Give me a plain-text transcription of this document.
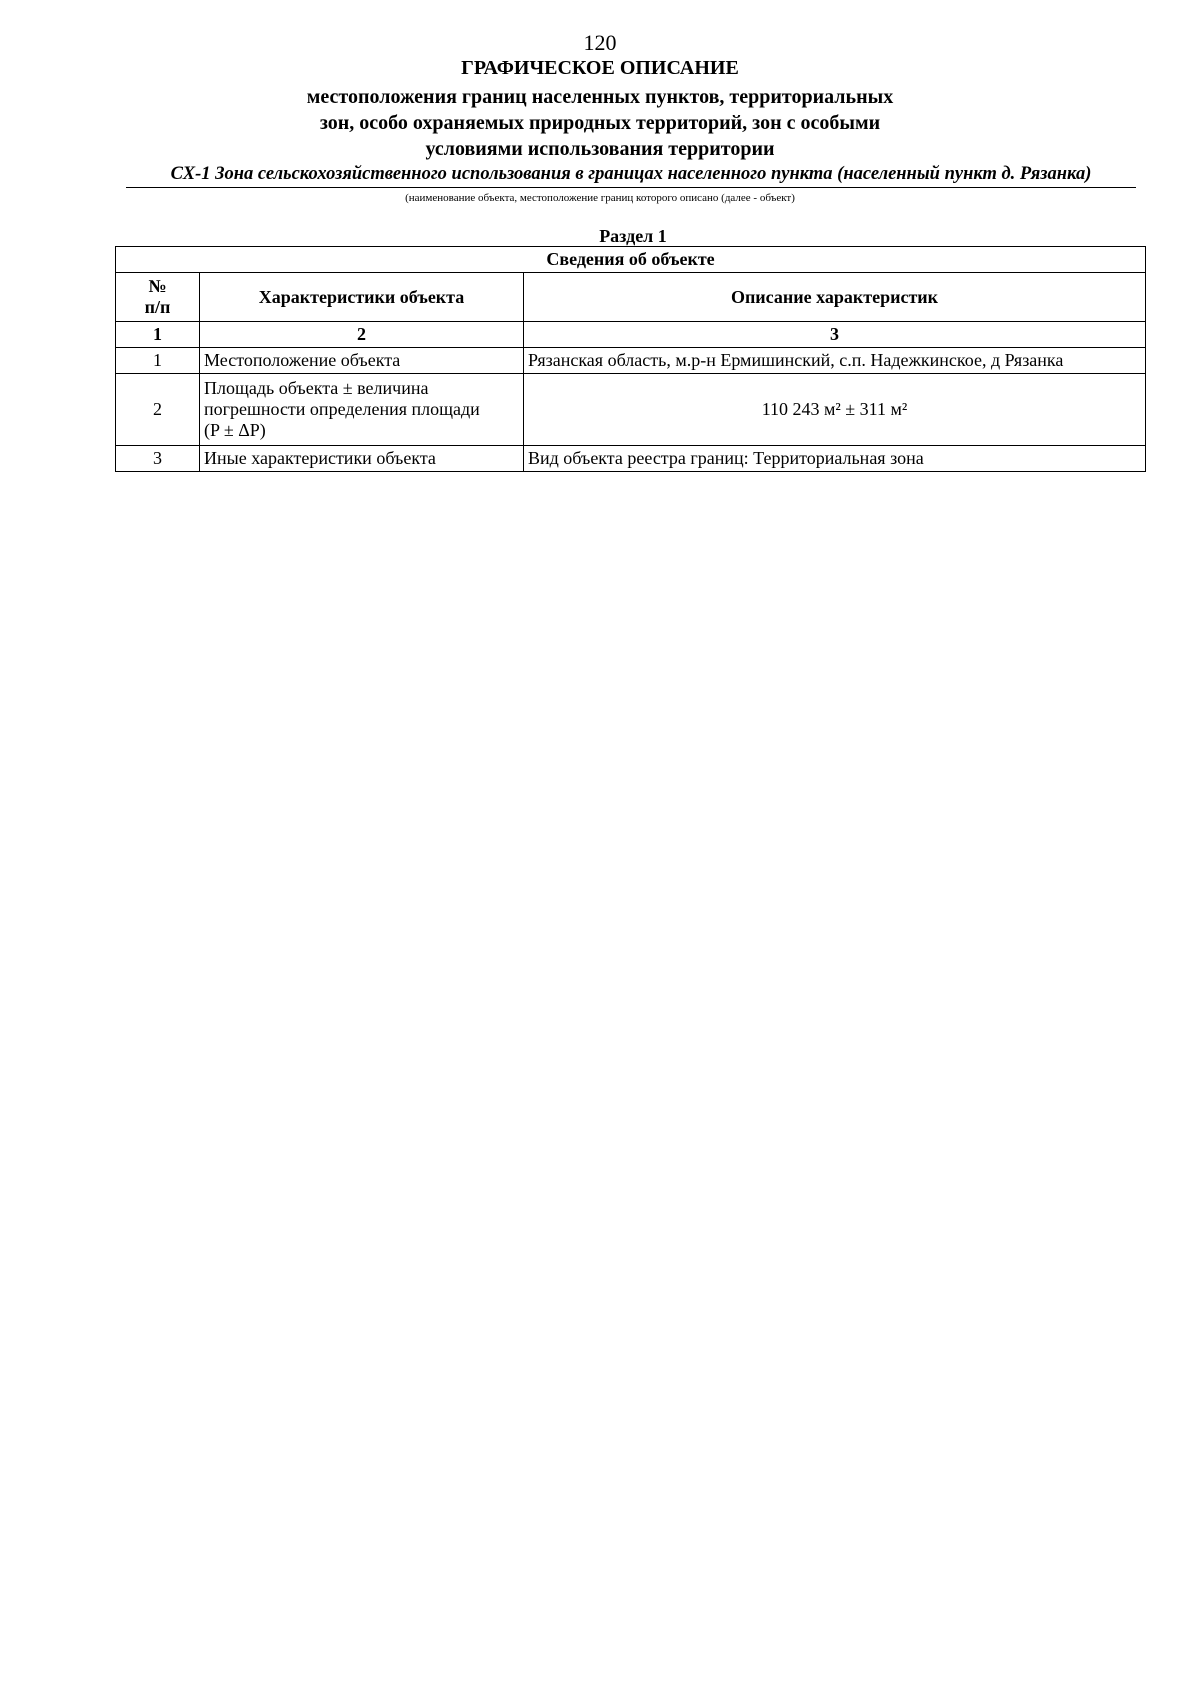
120
ГРАФИЧЕСКОЕ ОПИСАНИЕ
местоположения границ населенных пунктов, территориальных
зон, особо охраняемых природных территорий, зон с особыми
условиями использования территории
СХ-1 Зона сельскохозяйственного использования в границах населенного пункта (населенный пункт д. Рязанка)
(наименование объекта, местоположение границ которого описано (далее - объект)
Раздел 1
Сведения об объекте		

№
п/п	Характеристики объекта	Описание характеристик
1	2	3
1	Местоположение объекта	Рязанская область, м.р-н Ермишинский, с.п. Надежкинское, д Рязанка
2	Площадь объекта ± величина
погрешности определения площади
(P ± ΔP)	110 243 м² ± 311 м²
3	Иные характеристики объекта	Вид объекта реестра границ: Территориальная зона
